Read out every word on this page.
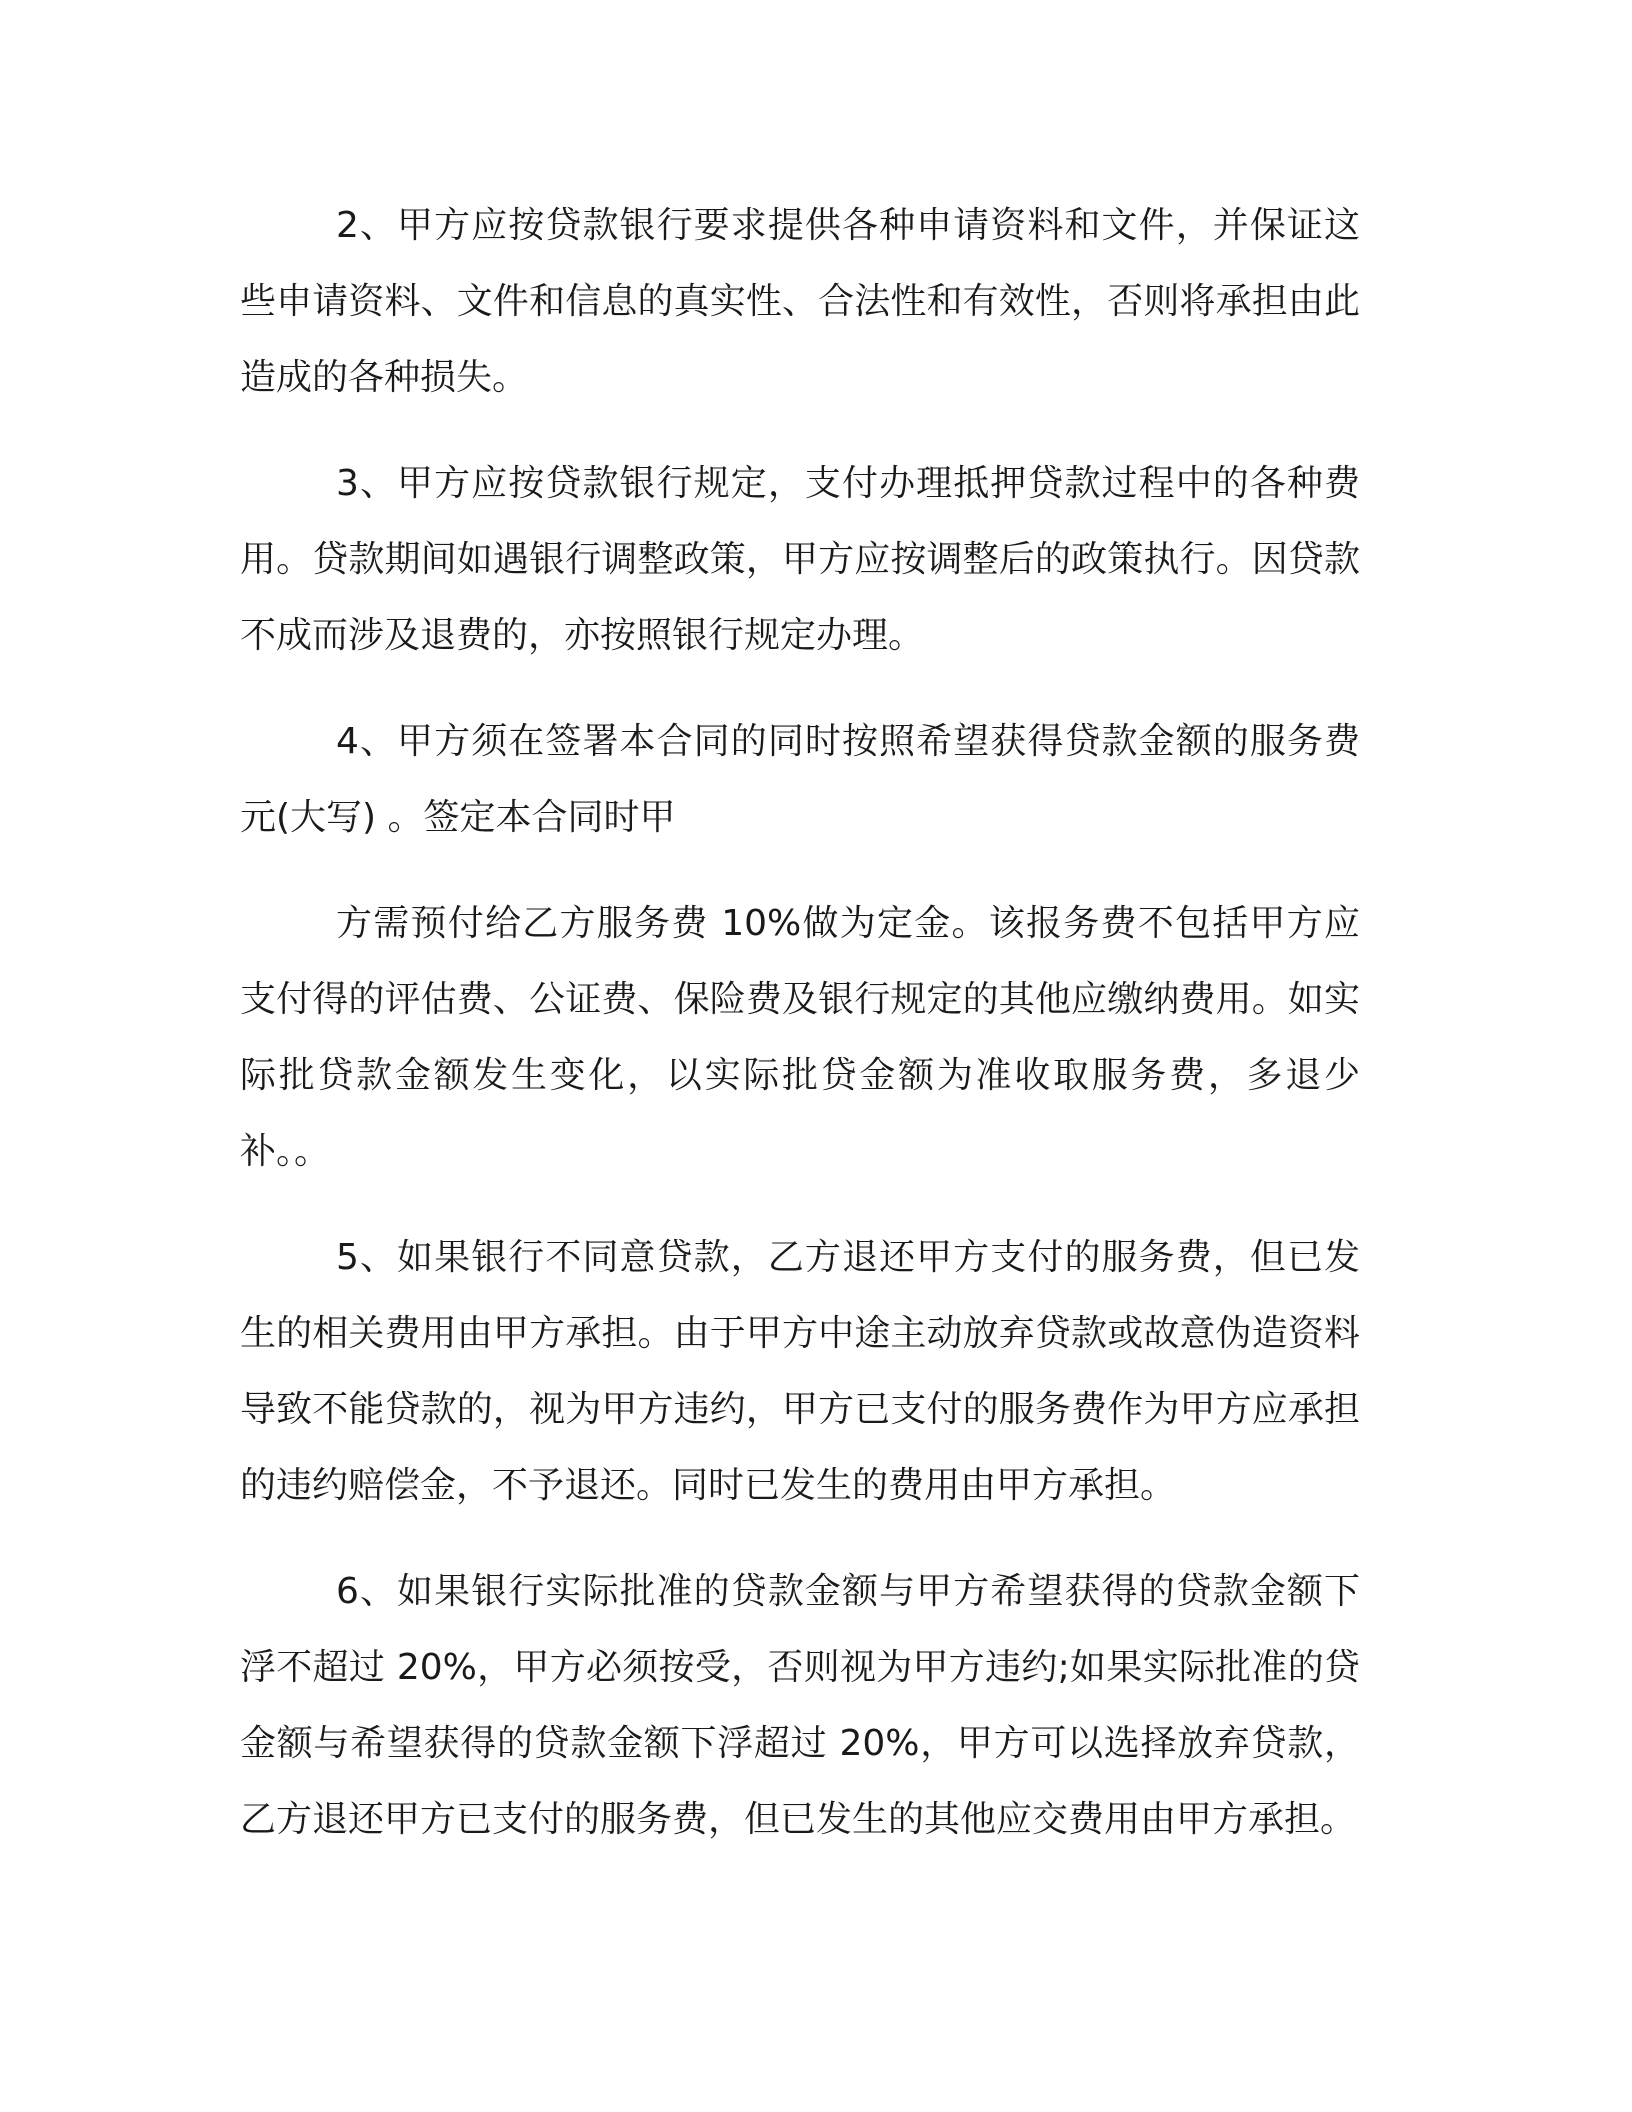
2、甲方应按贷款银行要求提供各种申请资料和文件，并保证这些申请资料、文件和信息的真实性、合法性和有效性，否则将承担由此造成的各种损失。

3、甲方应按贷款银行规定，支付办理抵押贷款过程中的各种费用。贷款期间如遇银行调整政策，甲方应按调整后的政策执行。因贷款不成而涉及退费的，亦按照银行规定办理。

4、甲方须在签署本合同的同时按照希望获得贷款金额的服务费元(大写) 。签定本合同时甲

方需预付给乙方服务费 10%做为定金。该报务费不包括甲方应支付得的评估费、公证费、保险费及银行规定的其他应缴纳费用。如实际批贷款金额发生变化，以实际批贷金额为准收取服务费，多退少补。。

5、如果银行不同意贷款，乙方退还甲方支付的服务费，但已发生的相关费用由甲方承担。由于甲方中途主动放弃贷款或故意伪造资料导致不能贷款的，视为甲方违约，甲方已支付的服务费作为甲方应承担的违约赔偿金，不予退还。同时已发生的费用由甲方承担。

6、如果银行实际批准的贷款金额与甲方希望获得的贷款金额下浮不超过 20%，甲方必须按受，否则视为甲方违约;如果实际批准的贷金额与希望获得的贷款金额下浮超过 20%，甲方可以选择放弃贷款，乙方退还甲方已支付的服务费，但已发生的其他应交费用由甲方承担。
